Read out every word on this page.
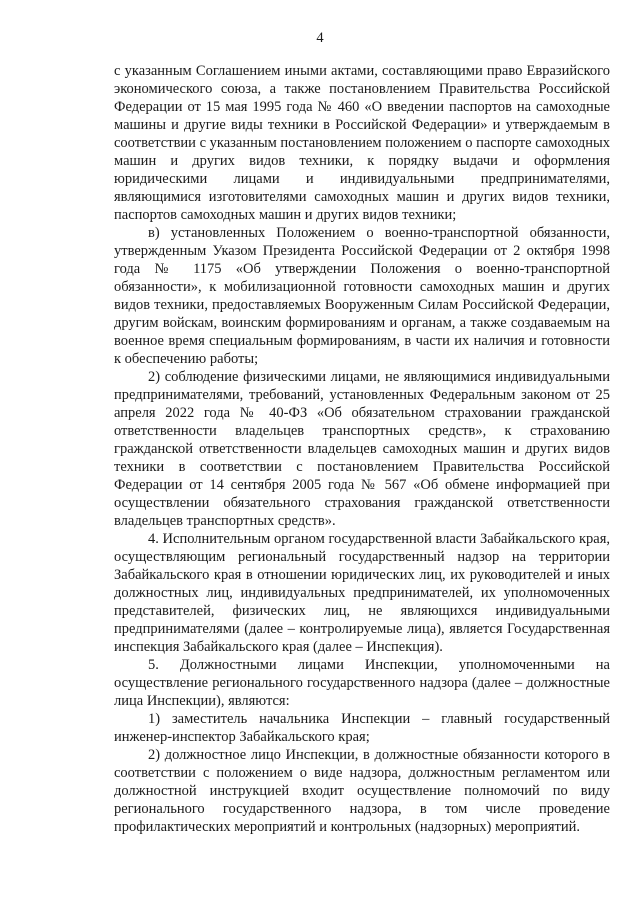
4

с указанным Соглашением иными актами, составляющими право Евразийского экономического союза, а также постановлением Правительства Российской Федерации от 15 мая 1995 года № 460 «О введении паспортов на самоходные машины и другие виды техники в Российской Федерации» и утверждаемым в соответствии с указанным постановлением положением о паспорте самоходных машин и других видов техники, к порядку выдачи и оформления юридическими лицами и индивидуальными предпринимателями, являющимися изготовителями самоходных машин и других видов техники, паспортов самоходных машин и других видов техники;

в) установленных Положением о военно-транспортной обязанности, утвержденным Указом Президента Российской Федерации от 2 октября 1998 года № 1175 «Об утверждении Положения о военно-транспортной обязанности», к мобилизационной готовности самоходных машин и других видов техники, предоставляемых Вооруженным Силам Российской Федерации, другим войскам, воинским формированиям и органам, а также создаваемым на военное время специальным формированиям, в части их наличия и готовности к обеспечению работы;

2) соблюдение физическими лицами, не являющимися индивидуальными предпринимателями, требований, установленных Федеральным законом от 25 апреля 2022 года № 40-ФЗ «Об обязательном страховании гражданской ответственности владельцев транспортных средств», к страхованию гражданской ответственности владельцев самоходных машин и других видов техники в соответствии с постановлением Правительства Российской Федерации от 14 сентября 2005 года № 567 «Об обмене информацией при осуществлении обязательного страхования гражданской ответственности владельцев транспортных средств».

4. Исполнительным органом государственной власти Забайкальского края, осуществляющим региональный государственный надзор на территории Забайкальского края в отношении юридических лиц, их руководителей и иных должностных лиц, индивидуальных предпринимателей, их уполномоченных представителей, физических лиц, не являющихся индивидуальными предпринимателями (далее – контролируемые лица), является Государственная инспекция Забайкальского края (далее – Инспекция).

5. Должностными лицами Инспекции, уполномоченными на осуществление регионального государственного надзора (далее – должностные лица Инспекции), являются:

1) заместитель начальника Инспекции – главный государственный инженер-инспектор Забайкальского края;

2) должностное лицо Инспекции, в должностные обязанности которого в соответствии с положением о виде надзора, должностным регламентом или должностной инструкцией входит осуществление полномочий по виду регионального государственного надзора, в том числе проведение профилактических мероприятий и контрольных (надзорных) мероприятий.
